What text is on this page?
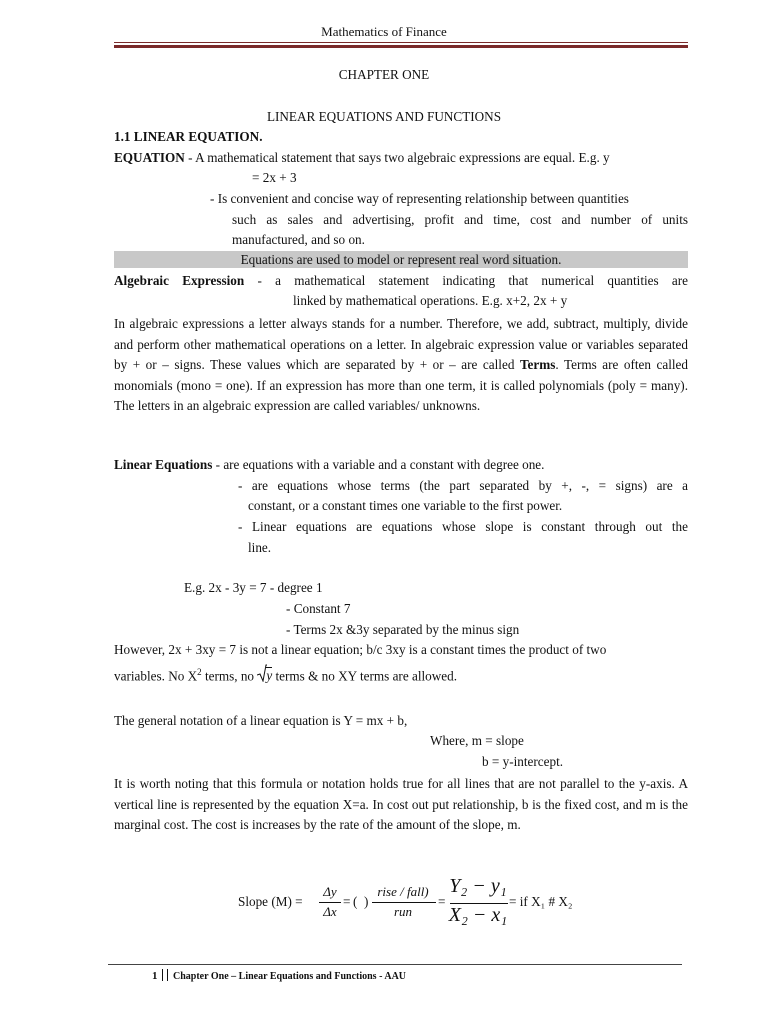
Mathematics of Finance
CHAPTER ONE
LINEAR EQUATIONS AND FUNCTIONS
1.1 LINEAR EQUATION.
EQUATION - A mathematical statement that says two algebraic expressions are equal. E.g. y
= 2x + 3
- Is convenient and concise way of representing relationship between quantities
such as sales and advertising, profit and time, cost and number of units
manufactured, and so on.
Equations are used to model or represent real word situation.
Algebraic Expression - a mathematical statement indicating that numerical quantities are
linked by mathematical operations. E.g. x+2, 2x + y
In algebraic expressions a letter always stands for a number. Therefore, we add, subtract, multiply, divide and perform other mathematical operations on a letter. In algebraic expression value or variables separated by + or – signs. These values which are separated by + or – are called Terms. Terms are often called monomials (mono = one). If an expression has more than one term, it is called polynomials (poly = many). The letters in an algebraic expression are called variables/ unknowns.
Linear Equations - are equations with a variable and a constant with degree one.
- are equations whose terms (the part separated by +, -, = signs) are a
constant, or a constant times one variable to the first power.
- Linear equations are equations whose slope is constant through out the
line.
E.g. 2x - 3y = 7 - degree 1
- Constant 7
- Terms 2x &3y separated by the minus sign
However, 2x + 3xy = 7 is not a linear equation; b/c 3xy is a constant times the product of two
variables. No $X^2$ terms, no
y terms & no XY terms are allowed.
The general notation of a linear equation is Y = mx + b,
Where, m = slope
b = y-intercept.
It is worth noting that this formula or notation holds true for all lines that are not parallel to the y-axis. A vertical line is represented by the equation X=a. In cost out put relationship, b is the fixed cost, and m is the marginal cost. The cost is increases by the rate of the amount of the slope, m.
Slope (M) =
Δy
Δx
= ( )
rise / fall)
run
=
Y₂ − y₁
X₂ − x₁
= if X₁ # X₂
1 Chapter One – Linear Equations and Functions - AAU
